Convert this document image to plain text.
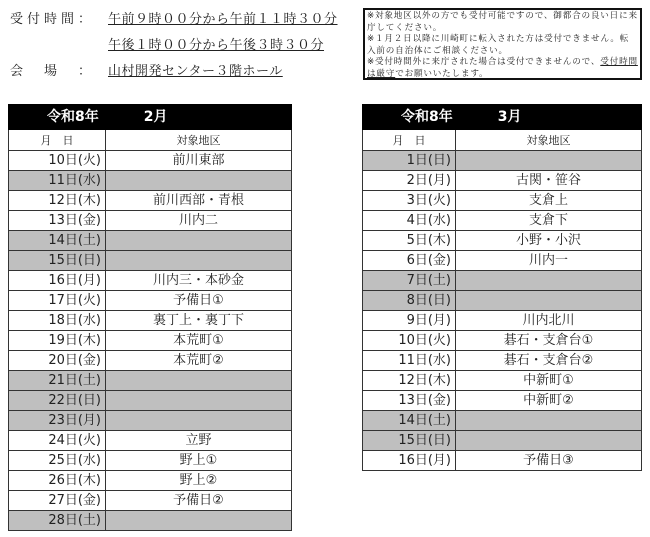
受付時間： 午前９時００分から午前１１時３０分
午後１時００分から午後３時３０分
会　場　： 山村開発センター３階ホール

※対象地区以外の方でも受付可能ですので、御都合の良い日に来庁してください。

※１月２日以降に川崎町に転入された方は受付できません。転入前の自治体にご相談ください。

※受付時間外に来庁された場合は受付できませんので、受付時間は厳守でお願いいたします。

令和8年	2月
月　日	対象地区
10日(火)	前川東部
11日(水)	
12日(木)	前川西部・青根
13日(金)	川内二
14日(土)	
15日(日)	
16日(月)	川内三・本砂金
17日(火)	予備日①
18日(水)	裏丁上・裏丁下
19日(木)	本荒町①
20日(金)	本荒町②
21日(土)	
22日(日)	
23日(月)	
24日(火)	立野
25日(水)	野上①
26日(木)	野上②
27日(金)	予備日②
28日(土)	
令和8年	3月
月　日	対象地区
1日(日)	
2日(月)	古関・笹谷
3日(火)	支倉上
4日(水)	支倉下
5日(木)	小野・小沢
6日(金)	川内一
7日(土)	
8日(日)	
9日(月)	川内北川
10日(火)	碁石・支倉台①
11日(水)	碁石・支倉台②
12日(木)	中新町①
13日(金)	中新町②
14日(土)	
15日(日)	
16日(月)	予備日③
